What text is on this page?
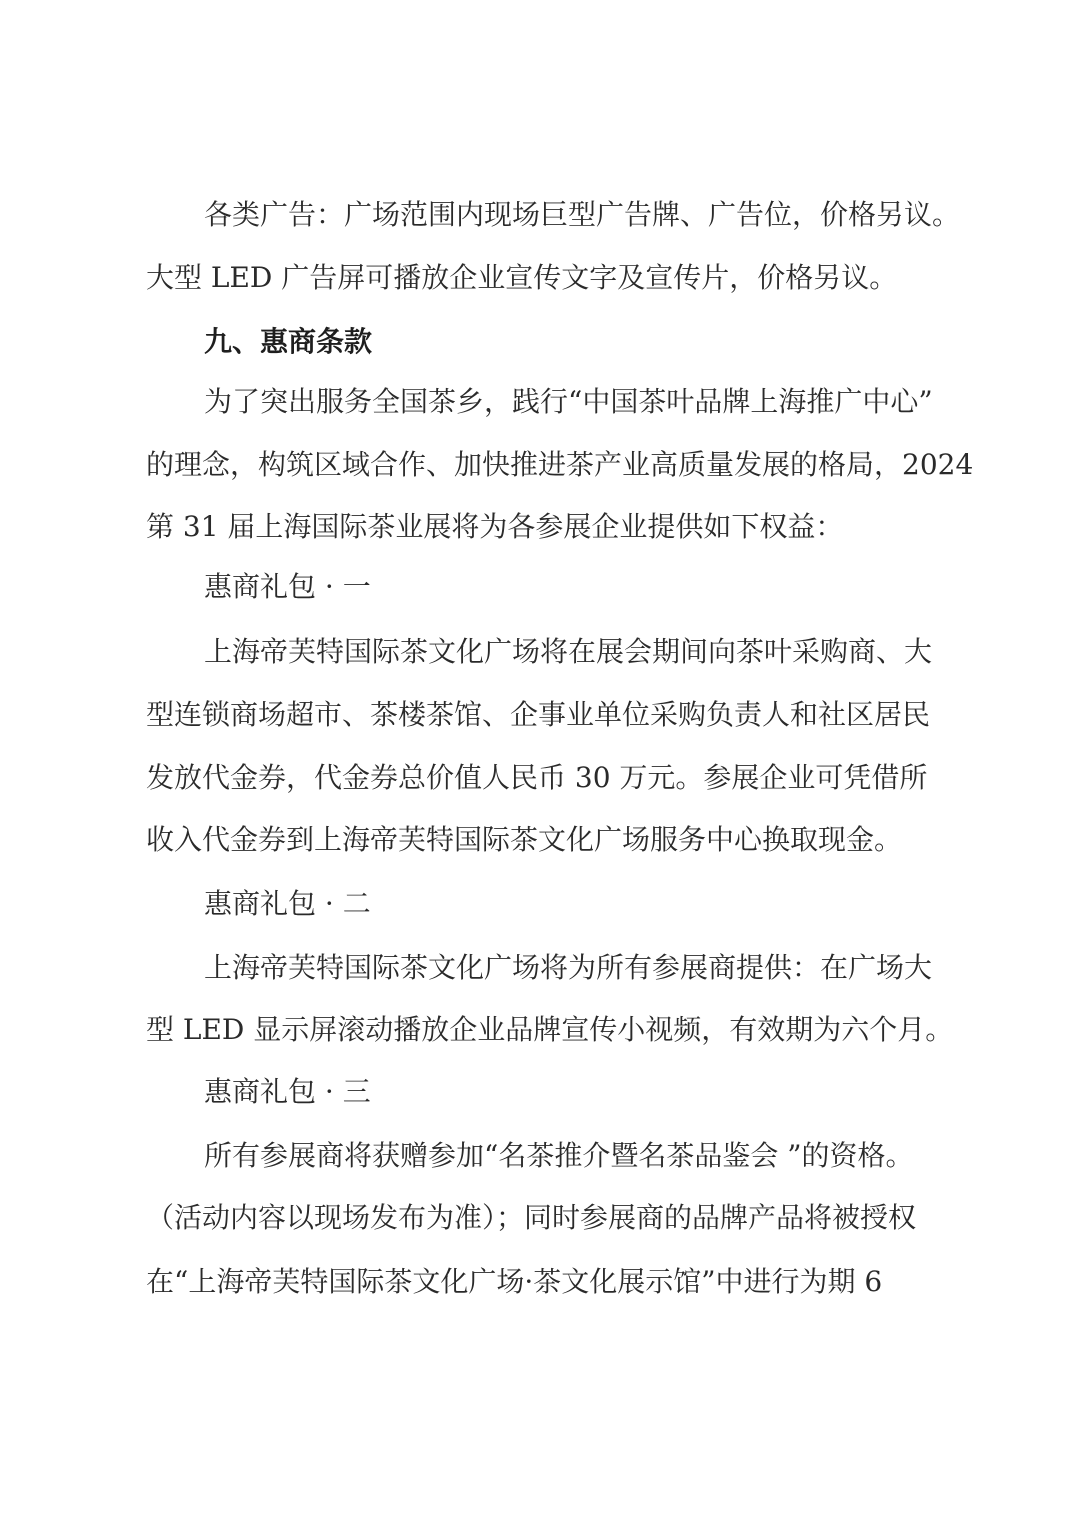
各类广告：广场范围内现场巨型广告牌、广告位，价格另议。
大型 LED 广告屏可播放企业宣传文字及宣传片，价格另议。
九、惠商条款
为了突出服务全国茶乡，践行“中国茶叶品牌上海推广中心”
的理念，构筑区域合作、加快推进茶产业高质量发展的格局，2024
第 31 届上海国际茶业展将为各参展企业提供如下权益：
惠商礼包 · 一
上海帝芙特国际茶文化广场将在展会期间向茶叶采购商、大
型连锁商场超市、茶楼茶馆、企事业单位采购负责人和社区居民
发放代金券，代金券总价值人民币 30 万元。参展企业可凭借所
收入代金券到上海帝芙特国际茶文化广场服务中心换取现金。
惠商礼包 · 二
上海帝芙特国际茶文化广场将为所有参展商提供：在广场大
型 LED 显示屏滚动播放企业品牌宣传小视频，有效期为六个月。
惠商礼包 · 三
所有参展商将获赠参加“名茶推介暨名茶品鉴会 ”的资格。
（活动内容以现场发布为准）；同时参展商的品牌产品将被授权
在“上海帝芙特国际茶文化广场·茶文化展示馆”中进行为期 6
